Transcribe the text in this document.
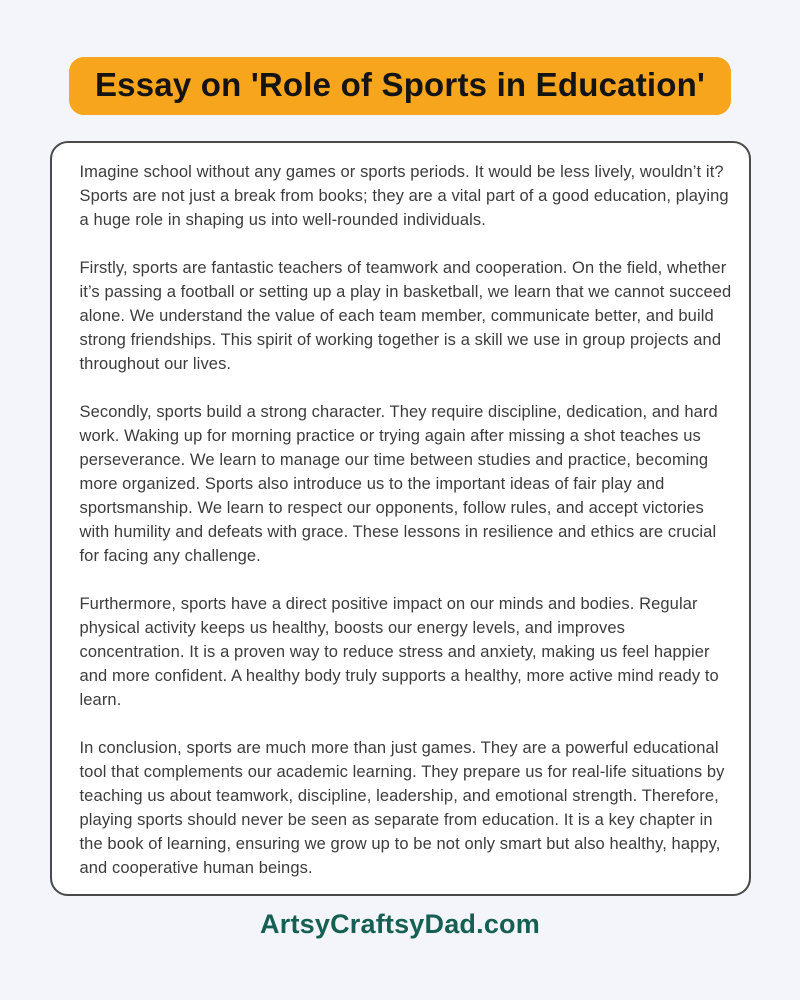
Essay on 'Role of Sports in Education'

Imagine school without any games or sports periods. It would be less lively, wouldn’t it? Sports are not just a break from books; they are a vital part of a good education, playing a huge role in shaping us into well-rounded individuals.

Firstly, sports are fantastic teachers of teamwork and cooperation. On the field, whether it’s passing a football or setting up a play in basketball, we learn that we cannot succeed alone. We understand the value of each team member, communicate better, and build strong friendships. This spirit of working together is a skill we use in group projects and throughout our lives.

Secondly, sports build a strong character. They require discipline, dedication, and hard work. Waking up for morning practice or trying again after missing a shot teaches us perseverance. We learn to manage our time between studies and practice, becoming more organized. Sports also introduce us to the important ideas of fair play and sportsmanship. We learn to respect our opponents, follow rules, and accept victories with humility and defeats with grace. These lessons in resilience and ethics are crucial for facing any challenge.

Furthermore, sports have a direct positive impact on our minds and bodies. Regular physical activity keeps us healthy, boosts our energy levels, and improves concentration. It is a proven way to reduce stress and anxiety, making us feel happier and more confident. A healthy body truly supports a healthy, more active mind ready to learn.

In conclusion, sports are much more than just games. They are a powerful educational tool that complements our academic learning. They prepare us for real-life situations by teaching us about teamwork, discipline, leadership, and emotional strength. Therefore, playing sports should never be seen as separate from education. It is a key chapter in the book of learning, ensuring we grow up to be not only smart but also healthy, happy, and cooperative human beings.

ArtsyCraftsyDad.com
